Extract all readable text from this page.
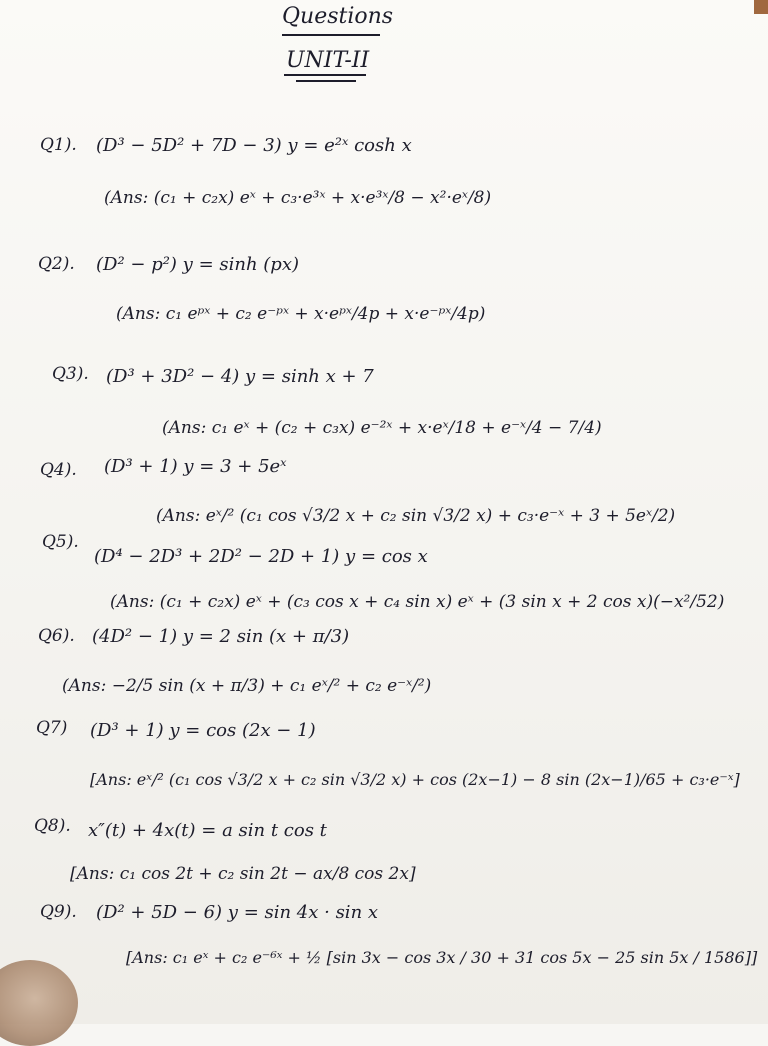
Questions
UNIT-II
Q1). (D³ − 5D² + 7D − 3) y = e²ˣ cosh x
(Ans: (c₁ + c₂x) eˣ + c₃·e³ˣ + x·e³ˣ/8 − x²·eˣ/8)
Q2). (D² − p²) y = sinh (px)
(Ans: c₁ eᵖˣ + c₂ e⁻ᵖˣ + x·eᵖˣ/4p + x·e⁻ᵖˣ/4p)
Q3). (D³ + 3D² − 4) y = sinh x + 7
(Ans: c₁ eˣ + (c₂ + c₃x) e⁻²ˣ + x·eˣ/18 + e⁻ˣ/4 − 7/4)
Q4). (D³ + 1) y = 3 + 5eˣ
(Ans: eˣ/² (c₁ cos √3/2 x + c₂ sin √3/2 x) + c₃·e⁻ˣ + 3 + 5eˣ/2)
Q5).
(D⁴ − 2D³ + 2D² − 2D + 1) y = cos x
(Ans: (c₁ + c₂x) eˣ + (c₃ cos x + c₄ sin x) eˣ + (3 sin x + 2 cos x)(−x²/52)
Q6). (4D² − 1) y = 2 sin (x + π/3)
(Ans: −2/5 sin (x + π/3) + c₁ eˣ/² + c₂ e⁻ˣ/²)
Q7) (D³ + 1) y = cos (2x − 1)
[Ans: eˣ/² (c₁ cos √3/2 x + c₂ sin √3/2 x) + cos (2x−1) − 8 sin (2x−1)/65 + c₃·e⁻ˣ]
Q8). x″(t) + 4x(t) = a sin t cos t
[Ans: c₁ cos 2t + c₂ sin 2t − ax/8 cos 2x]
Q9). (D² + 5D − 6) y = sin 4x · sin x
[Ans: c₁ eˣ + c₂ e⁻⁶ˣ + ½ [sin 3x − cos 3x / 30 + 31 cos 5x − 25 sin 5x / 1586]]
